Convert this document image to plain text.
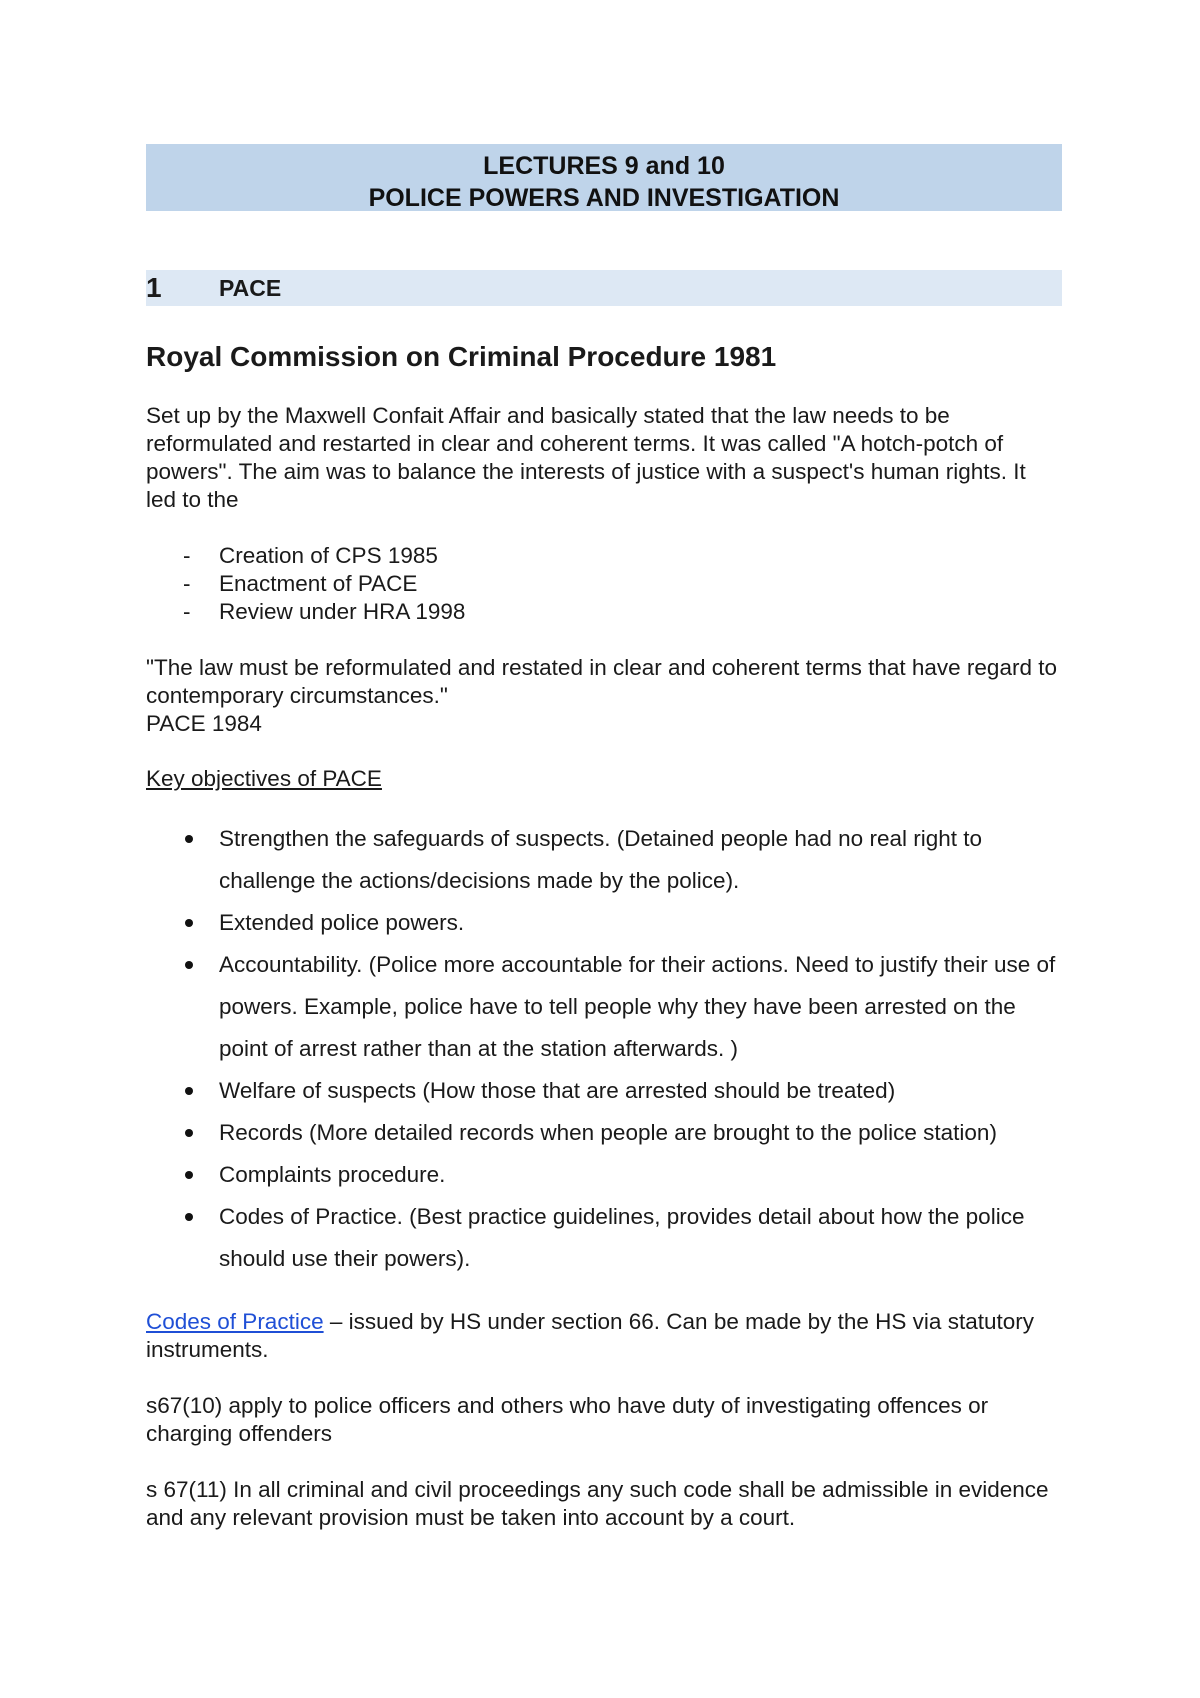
LECTURES 9 and 10
POLICE POWERS AND INVESTIGATION
1	PACE
Royal Commission on Criminal Procedure 1981

Set up by the Maxwell Confait Affair and basically stated that the law needs to be reformulated and restarted in clear and coherent terms. It was called "A hotch-potch of powers". The aim was to balance the interests of justice with a suspect's human rights. It led to the

-	Creation of CPS 1985
-	Enactment of PACE
-	Review under HRA 1998

"The law must be reformulated and restated in clear and coherent terms that have regard to contemporary circumstances."

PACE 1984

Key objectives of PACE

Strengthen the safeguards of suspects. (Detained people had no real right to challenge the actions/decisions made by the police).
Extended police powers.
Accountability. (Police more accountable for their actions. Need to justify their use of powers. Example, police have to tell people why they have been arrested on the point of arrest rather than at the station afterwards. )
Welfare of suspects (How those that are arrested should be treated)
Records (More detailed records when people are brought to the police station)
Complaints procedure.
Codes of Practice. (Best practice guidelines, provides detail about how the police should use their powers).

Codes of Practice – issued by HS under section 66. Can be made by the HS via statutory instruments.

s67(10) apply to police officers and others who have duty of investigating offences or charging offenders

s 67(11) In all criminal and civil proceedings any such code shall be admissible in evidence and any relevant provision must be taken into account by a court.
